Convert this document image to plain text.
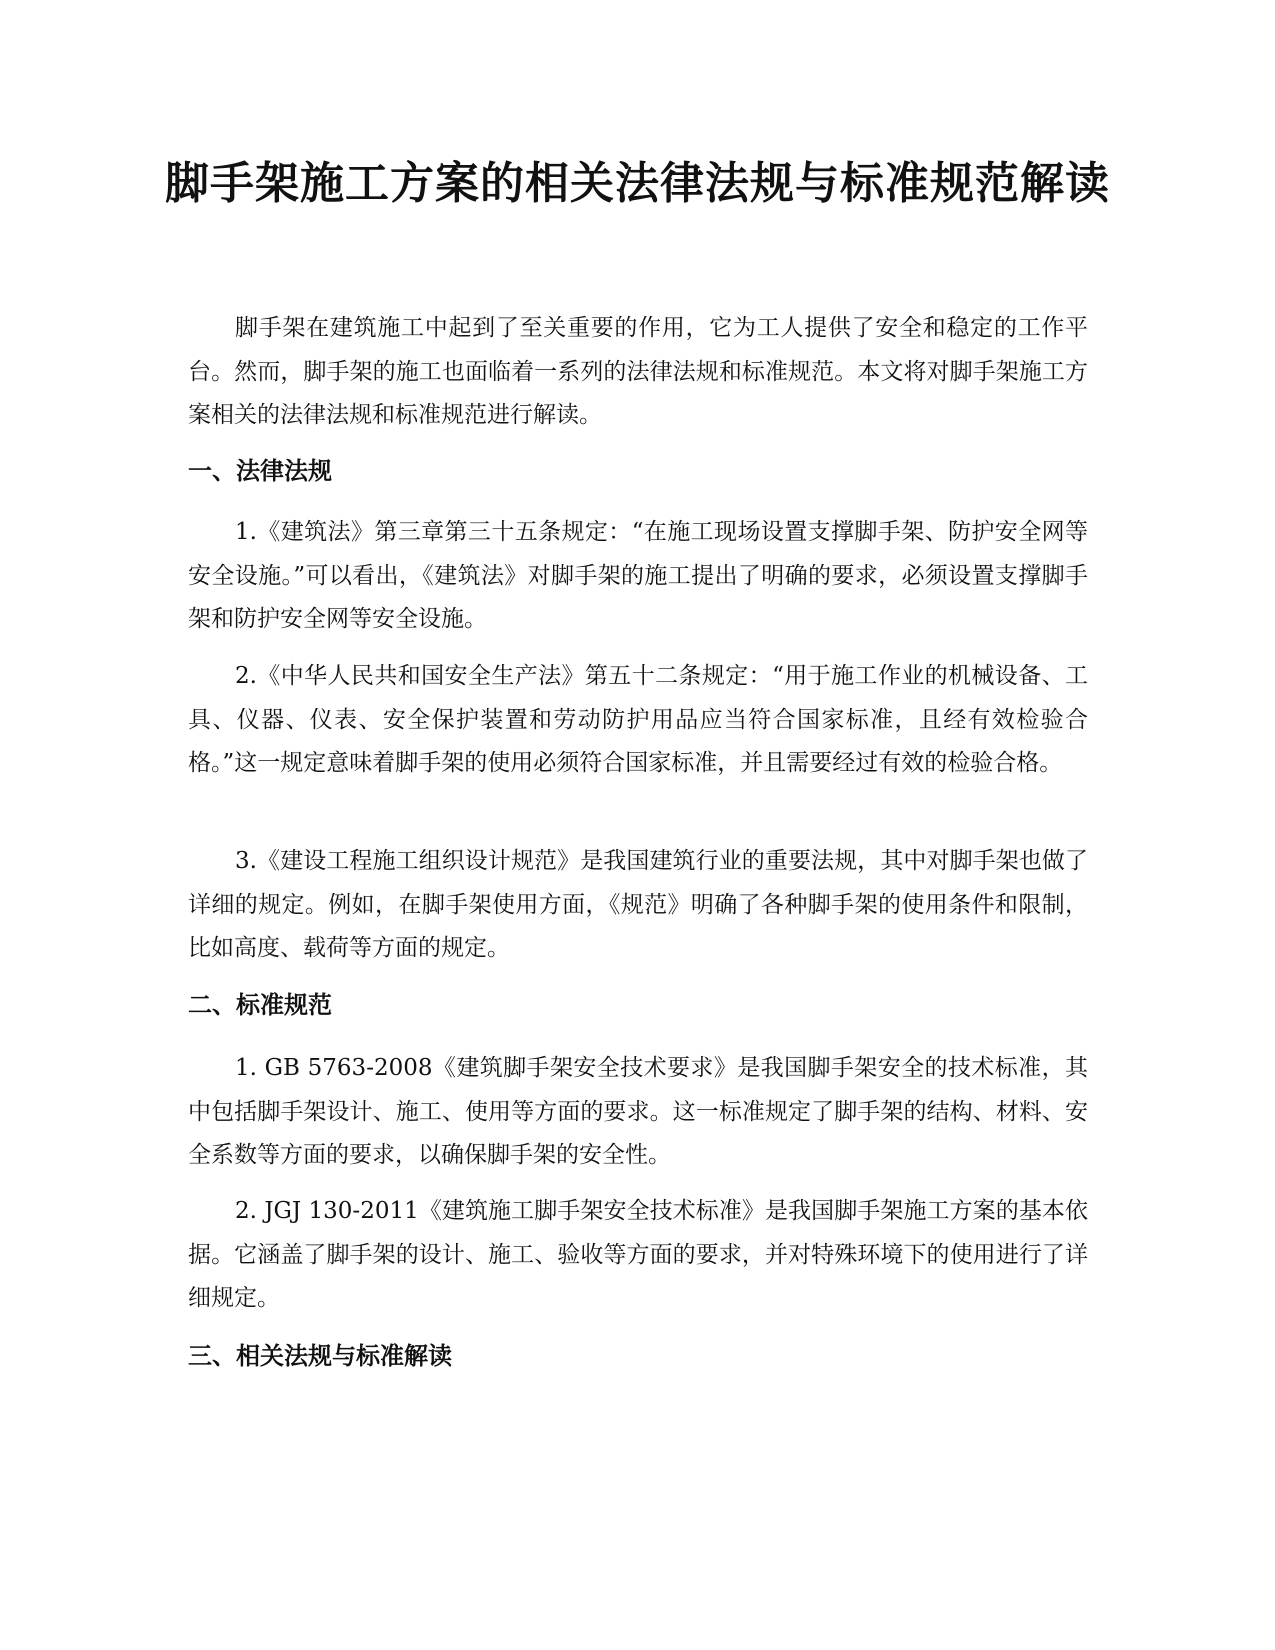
脚手架施工方案的相关法律法规与标准规范解读

脚手架在建筑施工中起到了至关重要的作用，它为工人提供了安全和稳定的工作平台。然而，脚手架的施工也面临着一系列的法律法规和标准规范。本文将对脚手架施工方案相关的法律法规和标准规范进行解读。

一、法律法规

1.《建筑法》第三章第三十五条规定：“在施工现场设置支撑脚手架、防护安全网等安全设施。”可以看出，《建筑法》对脚手架的施工提出了明确的要求，必须设置支撑脚手架和防护安全网等安全设施。

2.《中华人民共和国安全生产法》第五十二条规定：“用于施工作业的机械设备、工具、仪器、仪表、安全保护装置和劳动防护用品应当符合国家标准，且经有效检验合格。”这一规定意味着脚手架的使用必须符合国家标准，并且需要经过有效的检验合格。

3.《建设工程施工组织设计规范》是我国建筑行业的重要法规，其中对脚手架也做了详细的规定。例如，在脚手架使用方面，《规范》明确了各种脚手架的使用条件和限制，比如高度、载荷等方面的规定。

二、标准规范

1. GB 5763-2008《建筑脚手架安全技术要求》是我国脚手架安全的技术标准，其中包括脚手架设计、施工、使用等方面的要求。这一标准规定了脚手架的结构、材料、安全系数等方面的要求，以确保脚手架的安全性。

2. JGJ 130-2011《建筑施工脚手架安全技术标准》是我国脚手架施工方案的基本依据。它涵盖了脚手架的设计、施工、验收等方面的要求，并对特殊环境下的使用进行了详细规定。

三、相关法规与标准解读
